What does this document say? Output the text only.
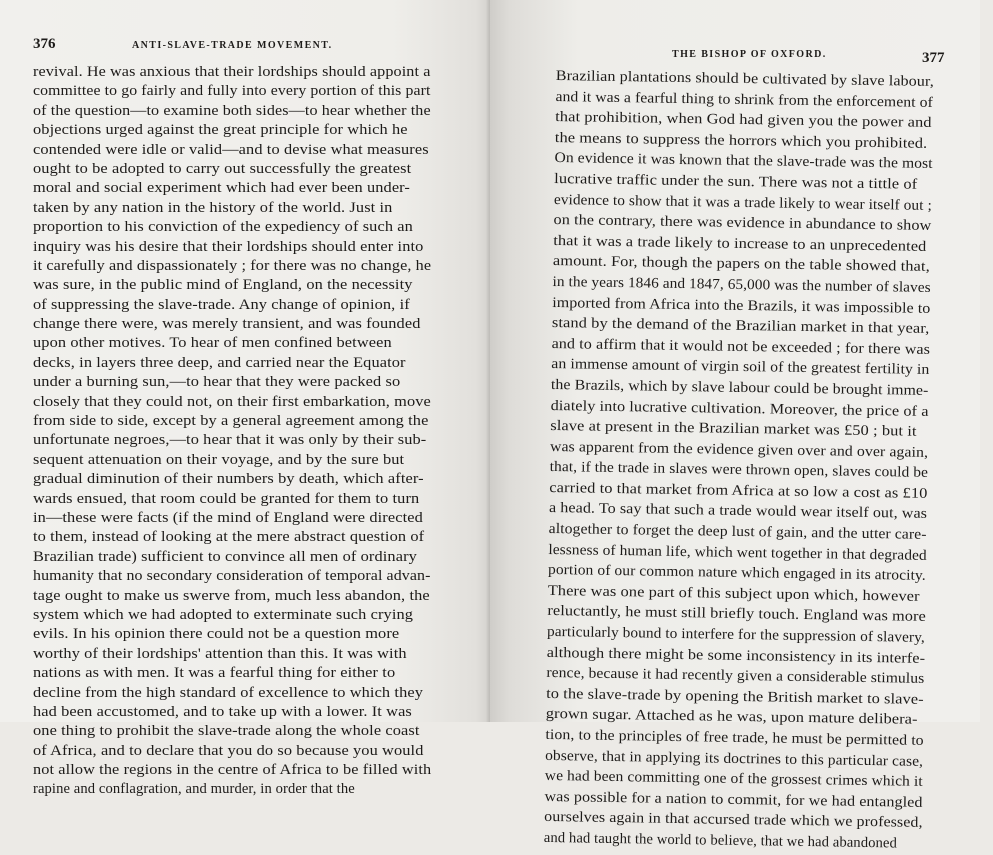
376	ANTI-SLAVE-TRADE MOVEMENT.
revival. He was anxious that their lordships should appoint a
committee to go fairly and fully into every portion of this part
of the question—to examine both sides—to hear whether the
objections urged against the great principle for which he
contended were idle or valid—and to devise what measures
ought to be adopted to carry out successfully the greatest
moral and social experiment which had ever been under-
taken by any nation in the history of the world. Just in
proportion to his conviction of the expediency of such an
inquiry was his desire that their lordships should enter into
it carefully and dispassionately ; for there was no change, he
was sure, in the public mind of England, on the necessity
of suppressing the slave-trade. Any change of opinion, if
change there were, was merely transient, and was founded
upon other motives. To hear of men confined between
decks, in layers three deep, and carried near the Equator
under a burning sun,—to hear that they were packed so
closely that they could not, on their first embarkation, move
from side to side, except by a general agreement among the
unfortunate negroes,—to hear that it was only by their sub-
sequent attenuation on their voyage, and by the sure but
gradual diminution of their numbers by death, which after-
wards ensued, that room could be granted for them to turn
in—these were facts (if the mind of England were directed
to them, instead of looking at the mere abstract question of
Brazilian trade) sufficient to convince all men of ordinary
humanity that no secondary consideration of temporal advan-
tage ought to make us swerve from, much less abandon, the
system which we had adopted to exterminate such crying
evils. In his opinion there could not be a question more
worthy of their lordships' attention than this. It was with
nations as with men. It was a fearful thing for either to
decline from the high standard of excellence to which they
had been accustomed, and to take up with a lower. It was
one thing to prohibit the slave-trade along the whole coast
of Africa, and to declare that you do so because you would
not allow the regions in the centre of Africa to be filled with
rapine and conflagration, and murder, in order that the
THE BISHOP OF OXFORD.	377
Brazilian plantations should be cultivated by slave labour,
and it was a fearful thing to shrink from the enforcement of
that prohibition, when God had given you the power and
the means to suppress the horrors which you prohibited.
On evidence it was known that the slave-trade was the most
lucrative traffic under the sun. There was not a tittle of
evidence to show that it was a trade likely to wear itself out ;
on the contrary, there was evidence in abundance to show
that it was a trade likely to increase to an unprecedented
amount. For, though the papers on the table showed that,
in the years 1846 and 1847, 65,000 was the number of slaves
imported from Africa into the Brazils, it was impossible to
stand by the demand of the Brazilian market in that year,
and to affirm that it would not be exceeded ; for there was
an immense amount of virgin soil of the greatest fertility in
the Brazils, which by slave labour could be brought imme-
diately into lucrative cultivation. Moreover, the price of a
slave at present in the Brazilian market was £50 ; but it
was apparent from the evidence given over and over again,
that, if the trade in slaves were thrown open, slaves could be
carried to that market from Africa at so low a cost as £10
a head. To say that such a trade would wear itself out, was
altogether to forget the deep lust of gain, and the utter care-
lessness of human life, which went together in that degraded
portion of our common nature which engaged in its atrocity.
There was one part of this subject upon which, however
reluctantly, he must still briefly touch. England was more
particularly bound to interfere for the suppression of slavery,
although there might be some inconsistency in its interfe-
rence, because it had recently given a considerable stimulus
to the slave-trade by opening the British market to slave-
grown sugar. Attached as he was, upon mature delibera-
tion, to the principles of free trade, he must be permitted to
observe, that in applying its doctrines to this particular case,
we had been committing one of the grossest crimes which it
was possible for a nation to commit, for we had entangled
ourselves again in that accursed trade which we professed,
and had taught the world to believe, that we had abandoned
